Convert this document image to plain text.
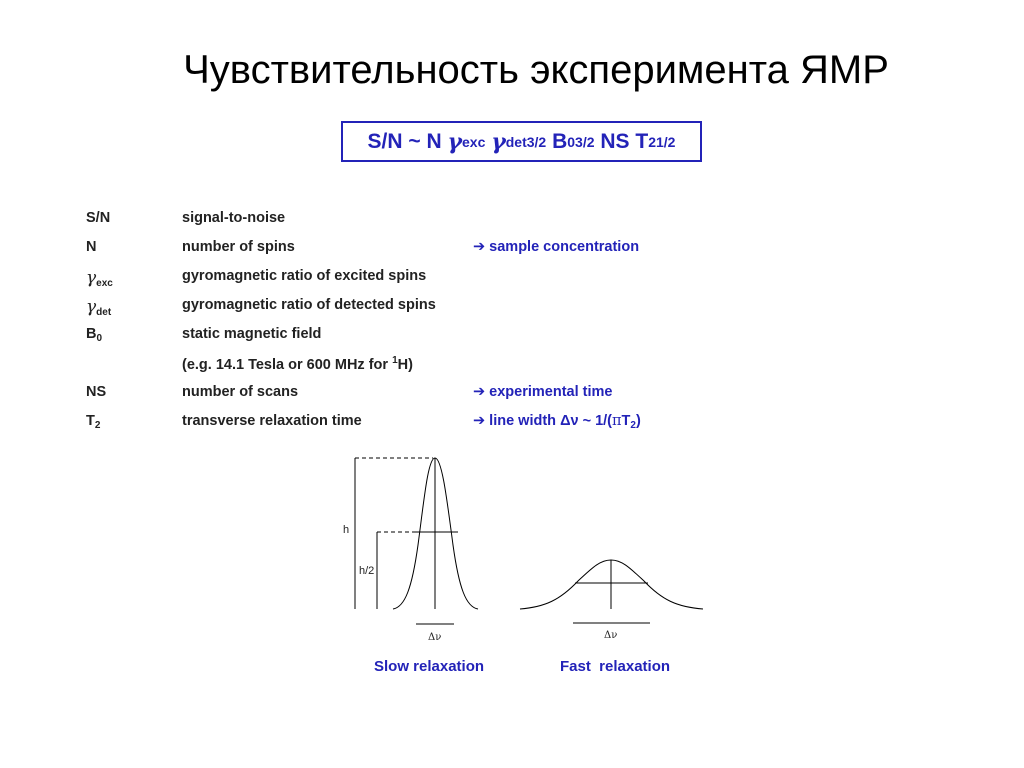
Чувствительность эксперимента ЯМР
S/N ~ N
γ exc
γ det 3/2
B 0 3/2
NS
T 2 1/2
S/N	signal-to-noise
N	number of spins	➔ sample concentration
$\gamma_{exc}$	gyromagnetic ratio of excited spins
$\gamma_{det}$	gyromagnetic ratio of detected spins
$B_0$	static magnetic field
(e.g. 14.1 Tesla or 600 MHz for $^1$H)
NS	number of scans	➔ experimental time
$T_2$	transverse relaxation time	➔ line width Δν ~ $1/(\pi T_2)$
h
h/2
Δν	Δν
Slow relaxation	Fast  relaxation
